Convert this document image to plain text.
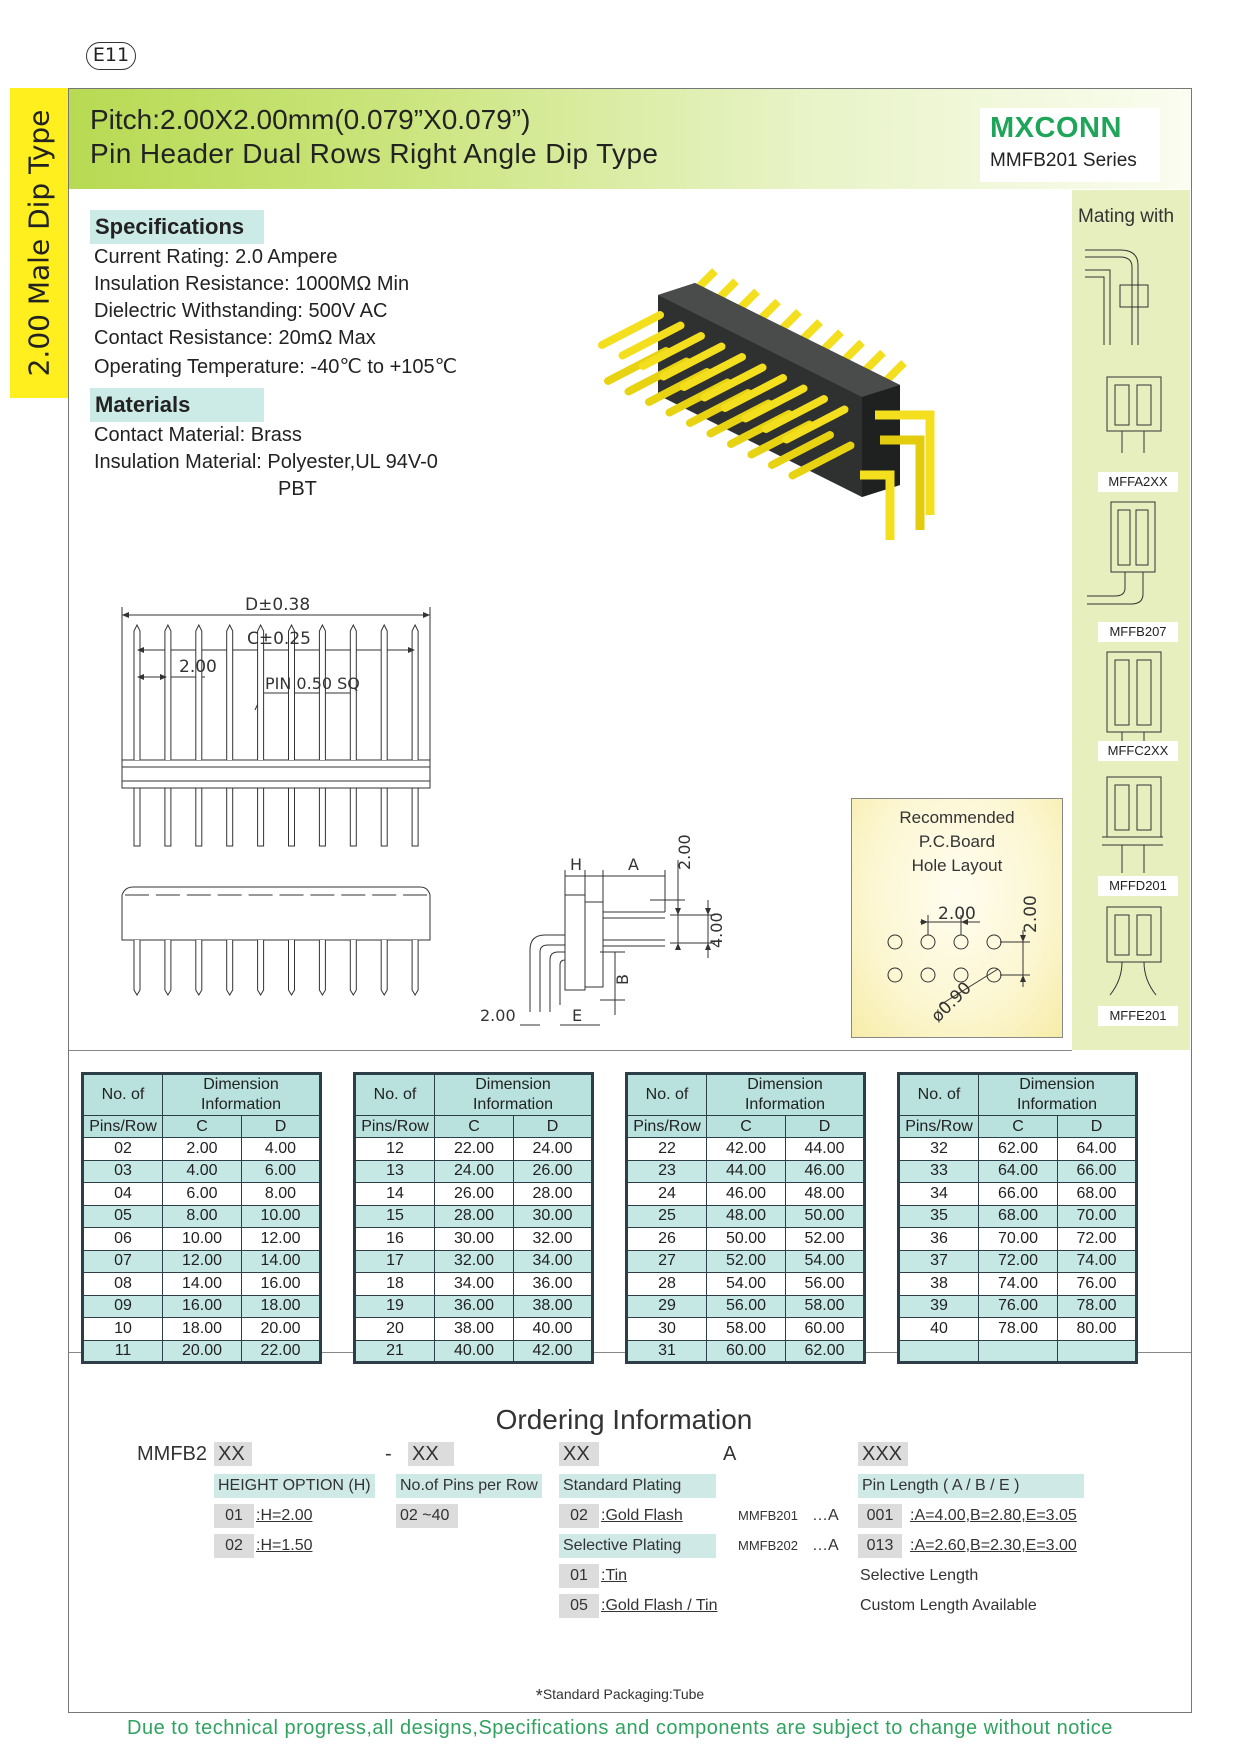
E11
2.00 Male Dip Type Pitch:2.00X2.00mm(0.079”X0.079”)
Pin Header Dual Rows Right Angle Dip Type
MXCONN
MMFB201 Series
Specifications
Current Rating: 2.0 Ampere
Insulation Resistance: 1000MΩ Min
Dielectric Withstanding: 500V AC
Contact Resistance: 20mΩ Max
Operating Temperature: -40℃ to +105℃
Materials
Contact Material: Brass
Insulation Material: Polyester,UL 94V-0
PBT
D±0.38
C±0.25
2.00
PIN 0.50 SQ
H	A 2.00
4.00
B
2.00	E
Recommended
P.C.Board
Hole Layout
2.00	2.00
ø0.90
Mating with
MFFA2XX
MFFB207
MFFC2XX
MFFD201
MFFE201
No. of	Dimension Information	
Pins/Row	C	D
02	2.00	4.00
03	4.00	6.00
04	6.00	8.00
05	8.00	10.00
06	10.00	12.00
07	12.00	14.00
08	14.00	16.00
09	16.00	18.00
10	18.00	20.00
11	20.00	22.00
No. of	Dimension Information	
Pins/Row	C	D
12	22.00	24.00
13	24.00	26.00
14	26.00	28.00
15	28.00	30.00
16	30.00	32.00
17	32.00	34.00
18	34.00	36.00
19	36.00	38.00
20	38.00	40.00
21	40.00	42.00
No. of	Dimension Information	
Pins/Row	C	D
22	42.00	44.00
23	44.00	46.00
24	46.00	48.00
25	48.00	50.00
26	50.00	52.00
27	52.00	54.00
28	54.00	56.00
29	56.00	58.00
30	58.00	60.00
31	60.00	62.00
No. of	Dimension Information	
Pins/Row	C	D
32	62.00	64.00
33	64.00	66.00
34	66.00	68.00
35	68.00	70.00
36	70.00	72.00
37	72.00	74.00
38	74.00	76.00
39	76.00	78.00
40	78.00	80.00

Ordering Information
MMFB2 XX	- XX	XX	A	XXX
HEIGHT OPTION (H)
01 :H=2.00
02 :H=1.50
No.of Pins per Row
02 ~40
Standard Plating
02 :Gold Flash
Selective Plating
01 :Tin
05 :Gold Flash / Tin
MMFB201 …A
MMFB202 …A
Pin Length ( A / B / E )
001	:A=4.00,B=2.80,E=3.05
013	:A=2.60,B=2.30,E=3.00
Selective Length
Custom Length Available
*Standard Packaging:Tube
Due to technical progress,all designs,Specifications and components are subject to change without notice
